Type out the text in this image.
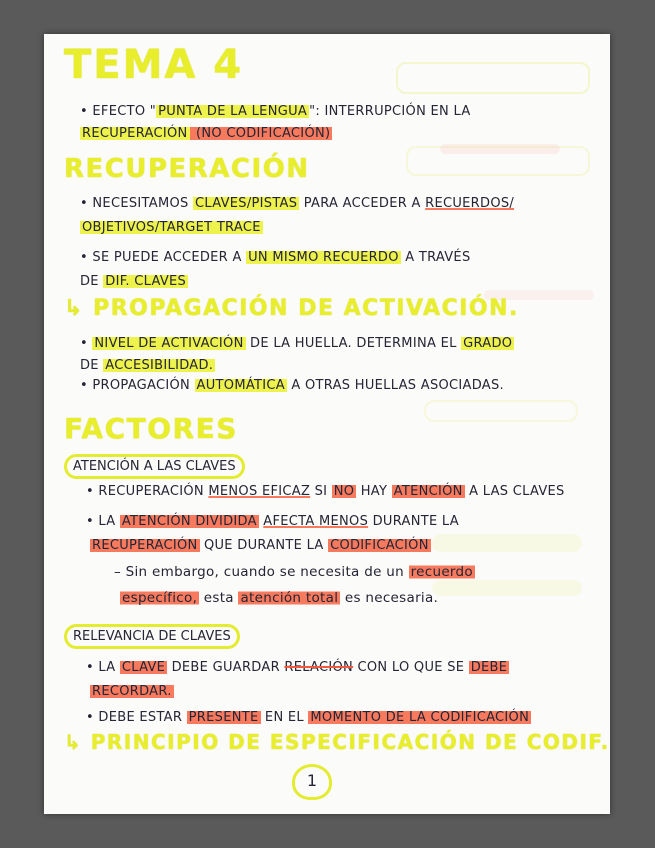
TEMA 4
• EFECTO " PUNTA DE LA LENGUA ": INTERRUPCIÓN EN LA
RECUPERACIÓN (NO CODIFICACIÓN)
RECUPERACIÓN
• NECESITAMOS CLAVES/PISTAS PARA ACCEDER A RECUERDOS/
OBJETIVOS/TARGET TRACE
• SE PUEDE ACCEDER A UN MISMO RECUERDO A TRAVÉS
DE DIF. CLAVES
↳ PROPAGACIÓN DE ACTIVACIÓN.
• NIVEL DE ACTIVACIÓN DE LA HUELLA. DETERMINA EL GRADO
DE ACCESIBILIDAD.
• PROPAGACIÓN AUTOMÁTICA A OTRAS HUELLAS ASOCIADAS.
FACTORES
ATENCIÓN A LAS CLAVES
• RECUPERACIÓN MENOS EFICAZ SI NO HAY ATENCIÓN A LAS CLAVES
• LA ATENCIÓN DIVIDIDA AFECTA MENOS DURANTE LA
RECUPERACIÓN QUE DURANTE LA CODIFICACIÓN
– Sin embargo, cuando se necesita de un recuerdo
específico, esta atención total es necesaria.
RELEVANCIA DE CLAVES
• LA CLAVE DEBE GUARDAR RELACIÓN CON LO QUE SE DEBE
RECORDAR.
• DEBE ESTAR PRESENTE EN EL MOMENTO DE LA CODIFICACIÓN
↳ PRINCIPIO DE ESPECIFICACIÓN DE CODIF.
1
